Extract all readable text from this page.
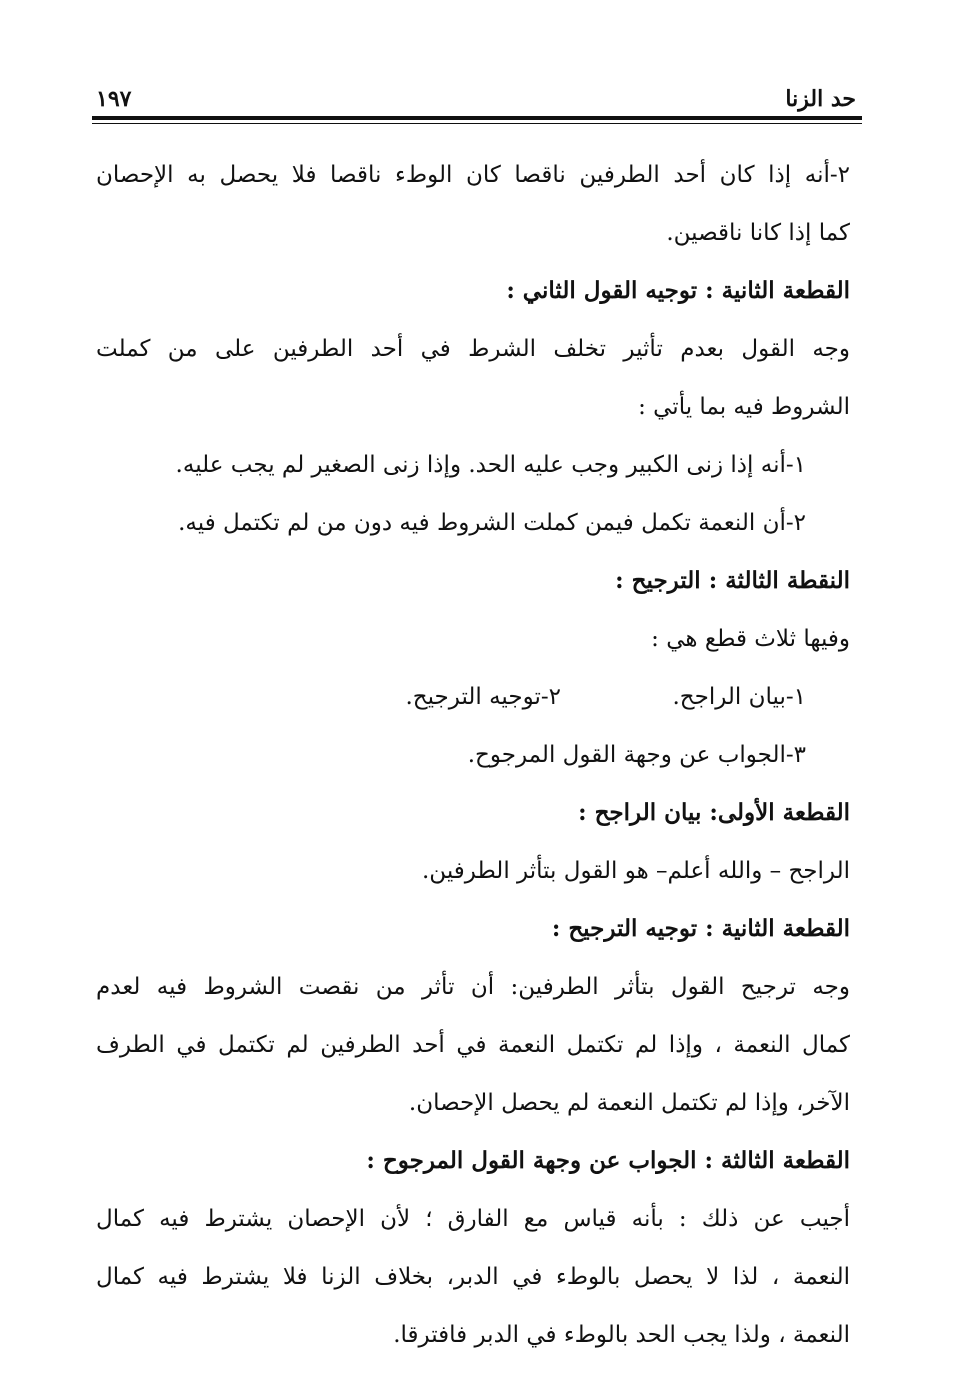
حد الزنا
١٩٧
٢-أنه إذا كان أحد الطرفين ناقصا كان الوطء ناقصا فلا يحصل به الإحصان
كما إذا كانا ناقصين.
القطعة الثانية : توجيه القول الثاني :
وجه القول بعدم تأثير تخلف الشرط في أحد الطرفين على من كملت
الشروط فيه بما يأتي :
١-أنه إذا زنى الكبير وجب عليه الحد. وإذا زنى الصغير لم يجب عليه.
٢-أن النعمة تكمل فيمن كملت الشروط فيه دون من لم تكتمل فيه.
النقطة الثالثة : الترجيح :
وفيها ثلاث قطع هي :
١-بيان الراجح.
٢-توجيه الترجيح.
٣-الجواب عن وجهة القول المرجوح.
القطعة الأولى: بيان الراجح :
الراجح – والله أعلم– هو القول بتأثر الطرفين.
القطعة الثانية : توجيه الترجيح :
وجه ترجيح القول بتأثر الطرفين: أن تأثر من نقصت الشروط فيه لعدم
كمال النعمة ، وإذا لم تكتمل النعمة في أحد الطرفين لم تكتمل في الطرف
الآخر، وإذا لم تكتمل النعمة لم يحصل الإحصان.
القطعة الثالثة : الجواب عن وجهة القول المرجوح :
أجيب عن ذلك : بأنه قياس مع الفارق ؛ لأن الإحصان يشترط فيه كمال
النعمة ، لذا لا يحصل بالوطء في الدبر، بخلاف الزنا فلا يشترط فيه كمال
النعمة ، ولذا يجب الحد بالوطء في الدبر فافترقا.
